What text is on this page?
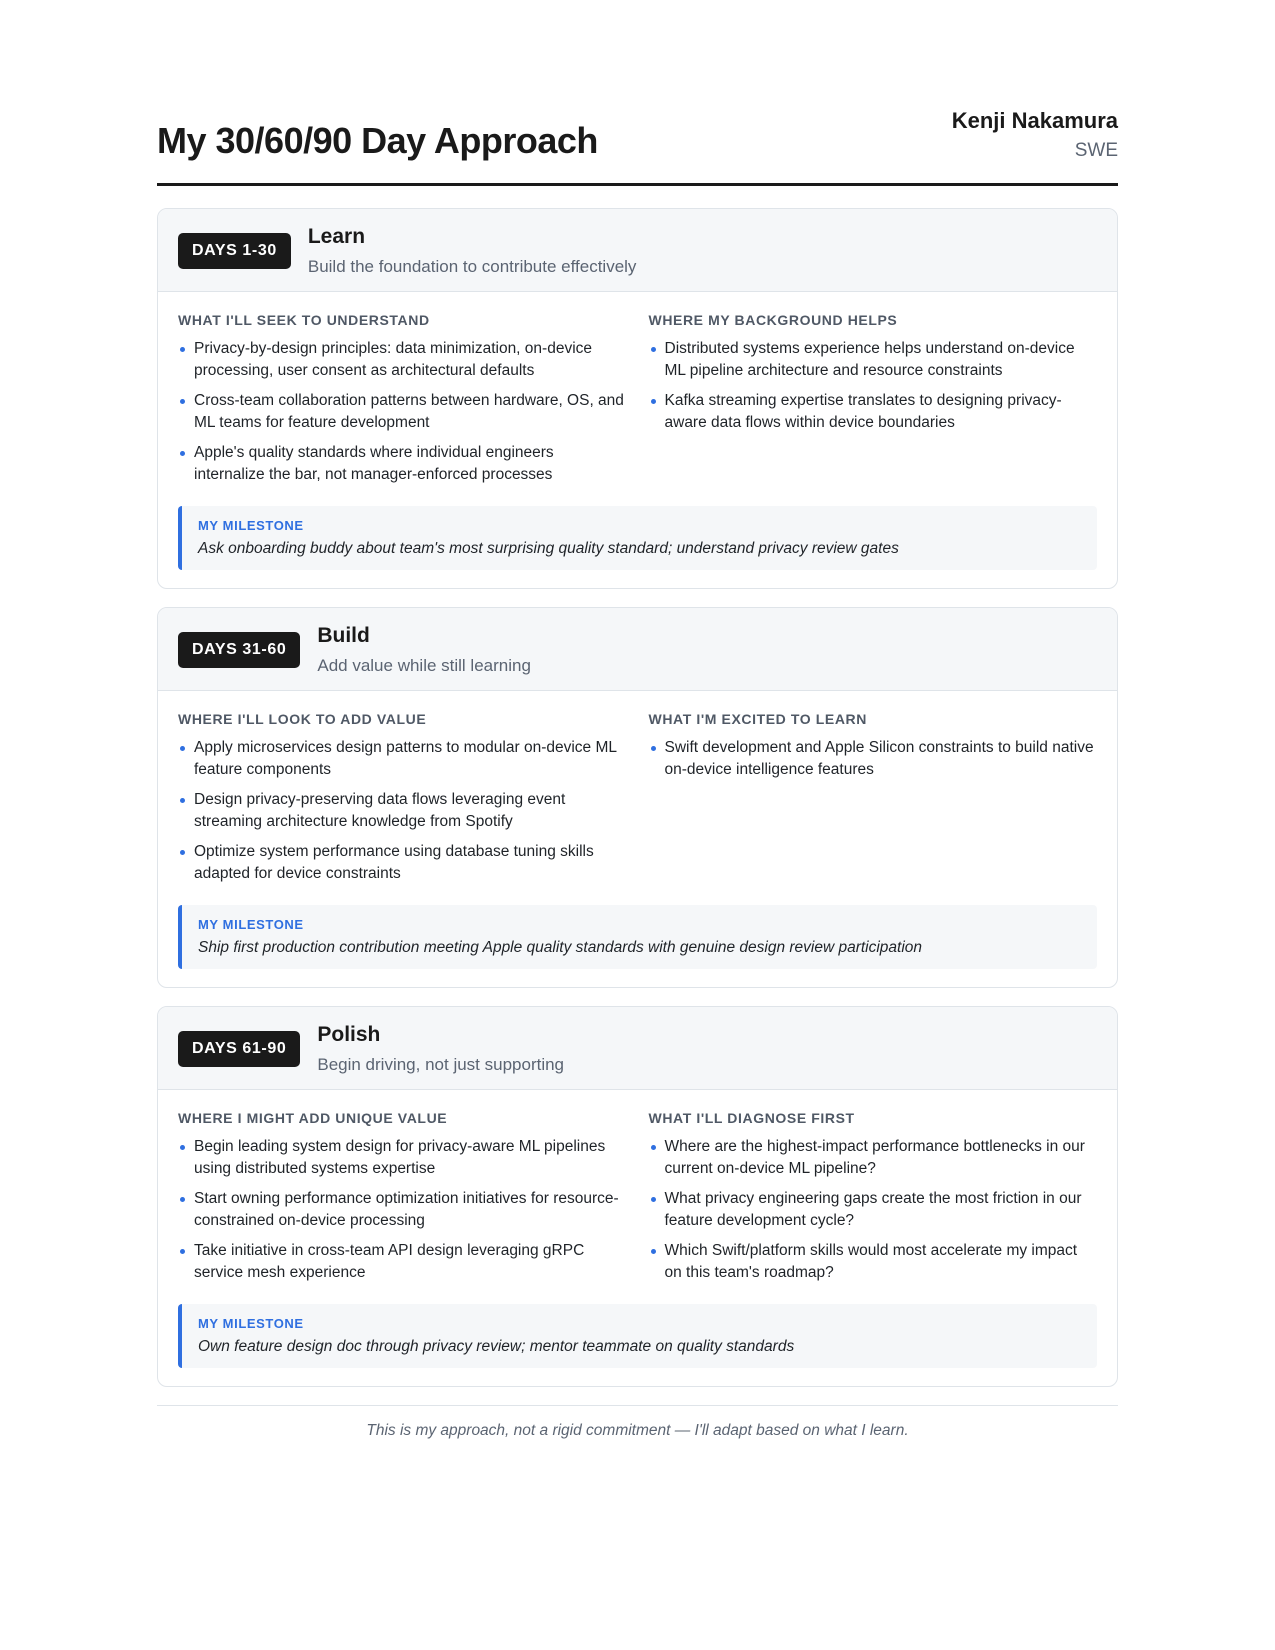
My 30/60/90 Day Approach	Kenji Nakamura
SWE
DAYS 1-30
Learn
Build the foundation to contribute effectively
WHAT I'LL SEEK TO UNDERSTAND
Privacy-by-design principles: data minimization, on-device processing, user consent as architectural defaults
Cross-team collaboration patterns between hardware, OS, and ML teams for feature development
Apple's quality standards where individual engineers internalize the bar, not manager-enforced processes
WHERE MY BACKGROUND HELPS
Distributed systems experience helps understand on-device ML pipeline architecture and resource constraints
Kafka streaming expertise translates to designing privacy-aware data flows within device boundaries
MY MILESTONE
Ask onboarding buddy about team's most surprising quality standard; understand privacy review gates
DAYS 31-60
Build
Add value while still learning
WHERE I'LL LOOK TO ADD VALUE
Apply microservices design patterns to modular on-device ML feature components
Design privacy-preserving data flows leveraging event streaming architecture knowledge from Spotify
Optimize system performance using database tuning skills adapted for device constraints
WHAT I'M EXCITED TO LEARN
Swift development and Apple Silicon constraints to build native on-device intelligence features
MY MILESTONE
Ship first production contribution meeting Apple quality standards with genuine design review participation
DAYS 61-90
Polish
Begin driving, not just supporting
WHERE I MIGHT ADD UNIQUE VALUE
Begin leading system design for privacy-aware ML pipelines using distributed systems expertise
Start owning performance optimization initiatives for resource-constrained on-device processing
Take initiative in cross-team API design leveraging gRPC service mesh experience
WHAT I'LL DIAGNOSE FIRST
Where are the highest-impact performance bottlenecks in our current on-device ML pipeline?
What privacy engineering gaps create the most friction in our feature development cycle?
Which Swift/platform skills would most accelerate my impact on this team's roadmap?
MY MILESTONE
Own feature design doc through privacy review; mentor teammate on quality standards
This is my approach, not a rigid commitment — I'll adapt based on what I learn.
